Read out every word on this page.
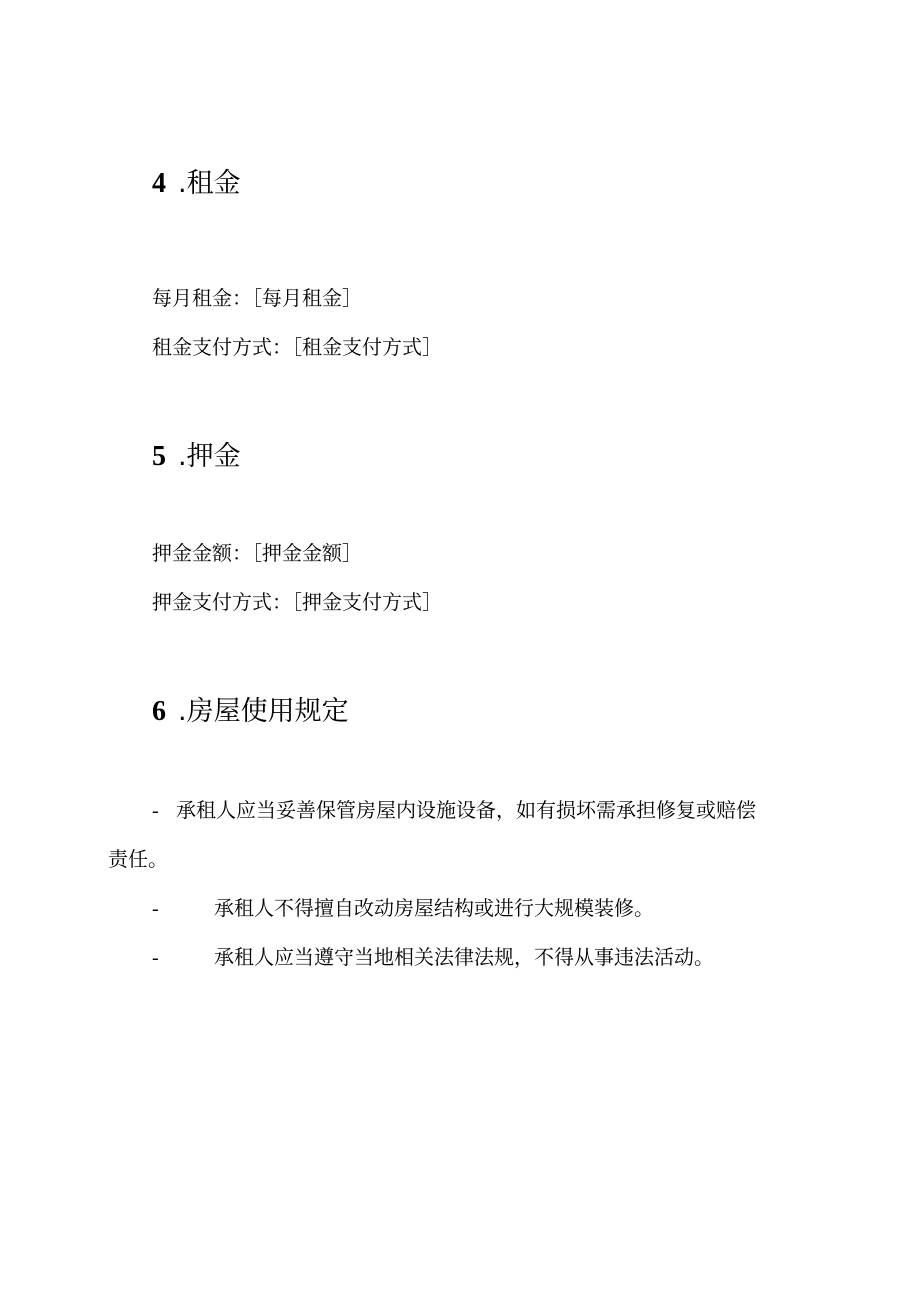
4 .租金

每月租金：［每月租金］

租金支付方式：［租金支付方式］

5 .押金

押金金额：［押金金额］

押金支付方式：［押金支付方式］

6 .房屋使用规定
- 承租人应当妥善保管房屋内设施设备，如有损坏需承担修复或赔偿

责任。

-	承租人不得擅自改动房屋结构或进行大规模装修。
-	承租人应当遵守当地相关法律法规，不得从事违法活动。
